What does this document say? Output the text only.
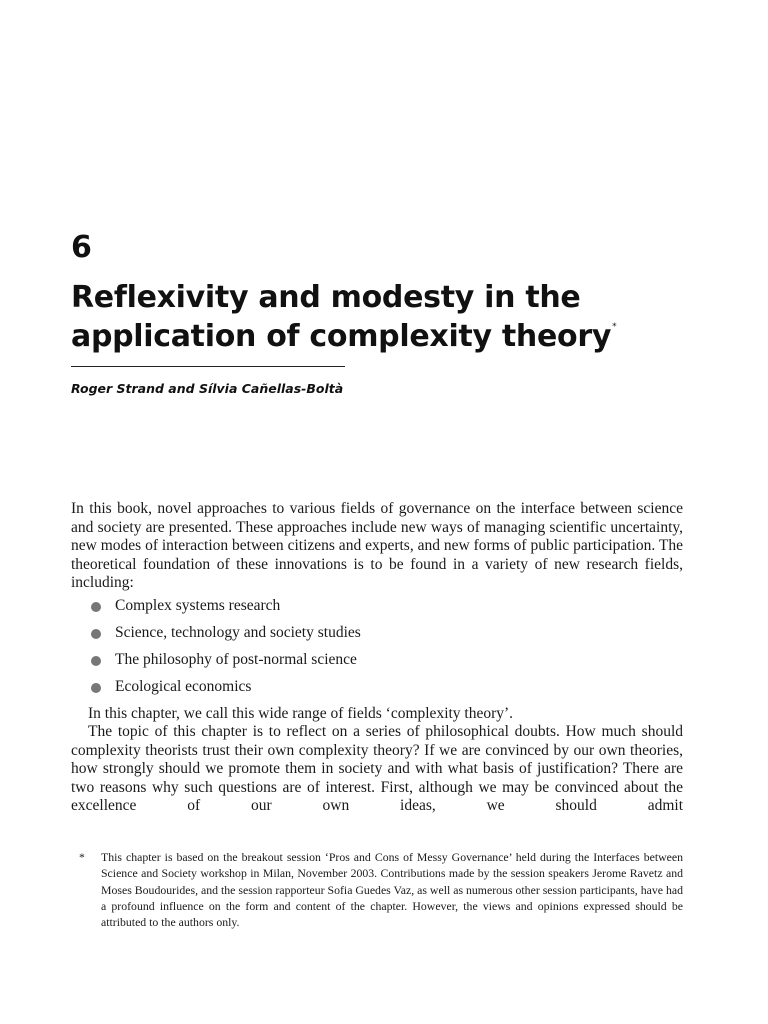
6
Reflexivity and modesty in the
application of complexity theory*
Roger Strand and Sílvia Cañellas-Boltà

In this book, novel approaches to various fields of governance on the interface between science and society are presented. These approaches include new ways of managing scientific uncertainty, new modes of interaction between citizens and experts, and new forms of public participation. The theoretical foundation of these innovations is to be found in a variety of new research fields, including:

Complex systems research
Science, technology and society studies
The philosophy of post-normal science
Ecological economics

In this chapter, we call this wide range of fields ‘complexity theory’.

The topic of this chapter is to reflect on a series of philosophical doubts. How much should complexity theorists trust their own complexity theory? If we are convinced by our own theories, how strongly should we promote them in society and with what basis of justification? There are two reasons why such questions are of interest. First, although we may be convinced about the excellence of our own ideas, we should admit

* This chapter is based on the breakout session ‘Pros and Cons of Messy Governance’ held during the Interfaces between Science and Society workshop in Milan, November 2003. Contributions made by the session speakers Jerome Ravetz and Moses Boudourides, and the session rapporteur Sofia Guedes Vaz, as well as numerous other session participants, have had a profound influence on the form and content of the chapter. However, the views and opinions expressed should be attributed to the authors only.
